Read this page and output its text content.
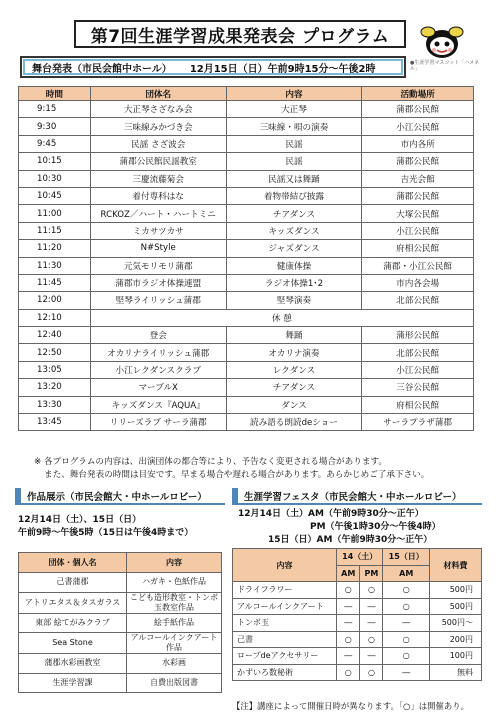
第7回生涯学習成果発表会 プログラム
●生涯学習マスコット「ハメネル」
舞台発表（市民会館中ホール） 12月15日（日）午前9時15分～午後2時
時間	団体名	内容	活動場所
9:15	大正琴さざなみ会	大正琴	蒲郡公民館
9:30	三味線みかづき会	三味線・唄の演奏	小江公民館
9:45	民謡 さざ波会	民謡	市内各所
10:15	蒲郡公民館民謡教室	民謡	蒲郡公民館
10:30	三慶流藤菊会	民謡又は舞踊	吉光会館
10:45	着付専科はな	着物帯結び披露	蒲郡公民館
11:00	RCKOZ／ハート・ハートミニ	チアダンス	大塚公民館
11:15	ミカサツカサ	キッズダンス	小江公民館
11:20	N#Style	ジャズダンス	府相公民館
11:30	元気モリモリ蒲郡	健康体操	蒲郡・小江公民館
11:45	蒲郡市ラジオ体操連盟	ラジオ体操1･2	市内各会場
12:00	堅琴ライリッシュ蒲郡	堅琴演奏	北部公民館
12:10	休 憩		
12:40	登会	舞踊	蒲形公民館
12:50	オカリナライリッシュ蒲郡	オカリナ演奏	北部公民館
13:05	小江レクダンスクラブ	レクダンス	小江公民館
13:20	マーブルX	チアダンス	三谷公民館
13:30	キッズダンス『AQUA』	ダンス	府相公民館
13:45	リリーズラブ サーラ蒲郡	読み語る朗読deショー	サーラプラザ蒲郡
※ 各プログラムの内容は、出演団体の都合等により、予告なく変更される場合があります。
また、舞台発表の時間は目安です。早まる場合や遅れる場合があります。あらかじめご了承下さい。
作品展示（市民会館大・中ホールロビー）	生涯学習フェスタ（市民会館大・中ホールロビー）
12月14日（土）、15日（日）
午前9時～午後5時（15日は午後4時まで）
12月14日（土）AM（午前9時30分～正午）
PM（午後1時30分～午後4時）
15日（日）AM（午前9時30分～正午）
団体・個人名	内容
己書蒲郡	ハガキ・色紙作品
アトリエタス＆タスガラス	こども造形教室・トンボ玉教室作品
東部 絵てがみクラブ	絵手紙作品
Sea Stone	アルコールインクアート作品
蒲郡水彩画教室	水彩画
生涯学習課	自費出版図書
内容	14（土）		15（日）	材料費
	AM	PM	AM	
ドライフラワー	○	○	○	500円
アルコールインクアート	―	―	○	500円
トンボ玉	―	―	―	500円～
己書	○	○	○	200円
ロープdeアクセサリー	―	―	○	100円
かずいろ数秘術	○	○	―	無料
【注】講座によって開催日時が異なります。「○」は開催あり。
